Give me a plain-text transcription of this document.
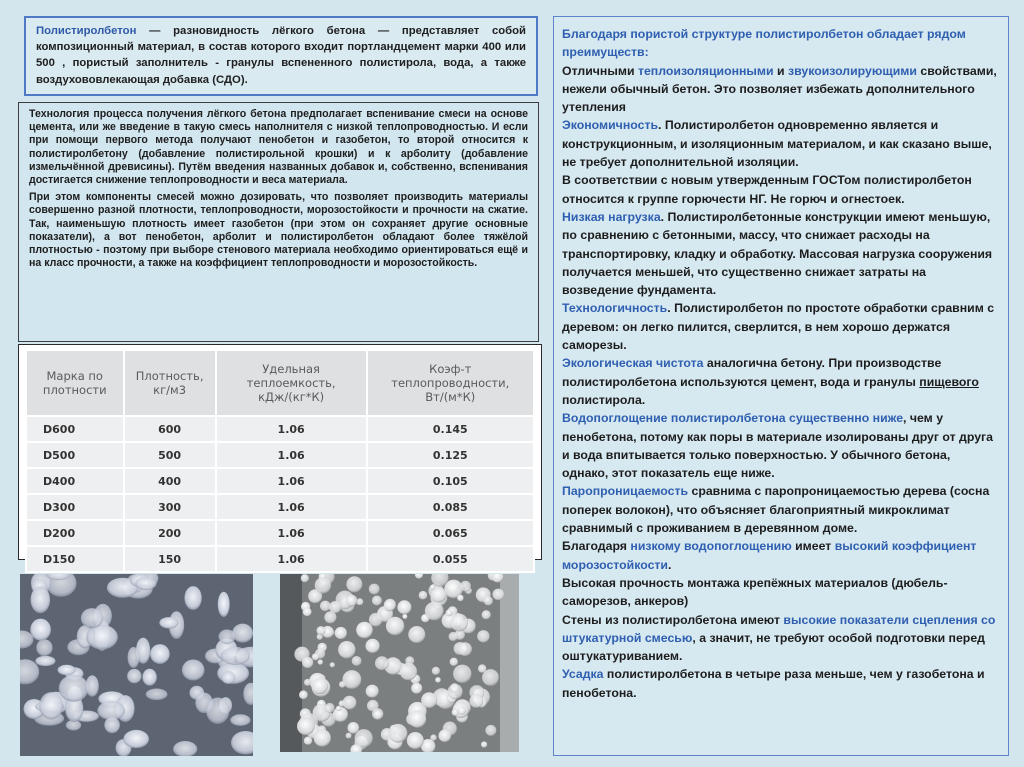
Полистиролбетон — разновидность лёгкого бетона — представляет собой композиционный материал, в состав которого входит портландцемент марки 400 или 500 , пористый заполнитель - гранулы вспененного полистирола, вода, а также воздухововлекающая добавка (СДО).

Технология процесса получения лёгкого бетона предполагает вспенивание смеси на основе цемента, или же введение в такую смесь наполнителя с низкой теплопроводностью. И если при помощи первого метода получают пенобетон и газобетон, то второй относится к полистиролбетону (добавление полистирольной крошки) и к арболиту (добавление измельчённой древисины). Путём введения названных добавок и, собственно, вспенивания достигается снижение теплопроводности и веса материала.

При этом компоненты смесей можно дозировать, что позволяет производить материалы совершенно разной плотности, теплопроводности, морозостойкости и прочности на сжатие. Так, наименьшую плотность имеет газобетон (при этом он сохраняет другие основные показатели), а вот пенобетон, арболит и полистиролбетон обладают более тяжёлой плотностью - поэтому при выборе стенового материала необходимо ориентироваться ещё и на класс прочности, а также на коэффициент теплопроводности и морозостойкость.

Марка по плотности	Плотность, кг/м3	Удельная теплоемкость, кДж/(кг*К)	Коэф-т теплопроводности, Вт/(м*К)
D600	600	1.06	0.145
D500	500	1.06	0.125
D400	400	1.06	0.105
D300	300	1.06	0.085
D200	200	1.06	0.065
D150	150	1.06	0.055

Благодаря пористой структуре полистиролбетон обладает рядом преимуществ:

Отличными теплоизоляционными и звукоизолирующими свойствами, нежели обычный бетон. Это позволяет избежать дополнительного утепления

Экономичность. Полистиролбетон одновременно является и конструкционным, и изоляционным материалом, и как сказано выше, не требует дополнительной изоляции.

В соответствии с новым утвержденным ГОСТом полистиролбетон относится к группе горючести НГ. Не горюч и огнестоек.

Низкая нагрузка. Полистиролбетонные конструкции имеют меньшую, по сравнению с бетонными, массу, что снижает расходы на транспортировку, кладку и обработку. Массовая нагрузка сооружения получается меньшей, что существенно снижает затраты на возведение фундамента.

Технологичность. Полистиролбетон по простоте обработки сравним с деревом: он легко пилится, сверлится, в нем хорошо держатся саморезы.

Экологическая чистота аналогична бетону. При производстве полистиролбетона используются цемент, вода и гранулы пищевого полистирола.

Водопоглощение полистиролбетона существенно ниже, чем у пенобетона, потому как поры в материале изолированы друг от друга и вода впитывается только поверхностью. У обычного бетона, однако, этот показатель еще ниже.

Паропроницаемость сравнима с паропроницаемостью дерева (сосна поперек волокон), что объясняет благоприятный микроклимат сравнимый с проживанием в деревянном доме.

Благодаря низкому водопоглощению имеет высокий коэффициент морозостойкости.

Высокая прочность монтажа крепёжных материалов (дюбель-саморезов, анкеров)

Стены из полистиролбетона имеют высокие показатели сцепления со штукатурной смесью, а значит, не требуют особой подготовки перед оштукатуриванием.

Усадка полистиролбетона в четыре раза меньше, чем у газобетона и пенобетона.
